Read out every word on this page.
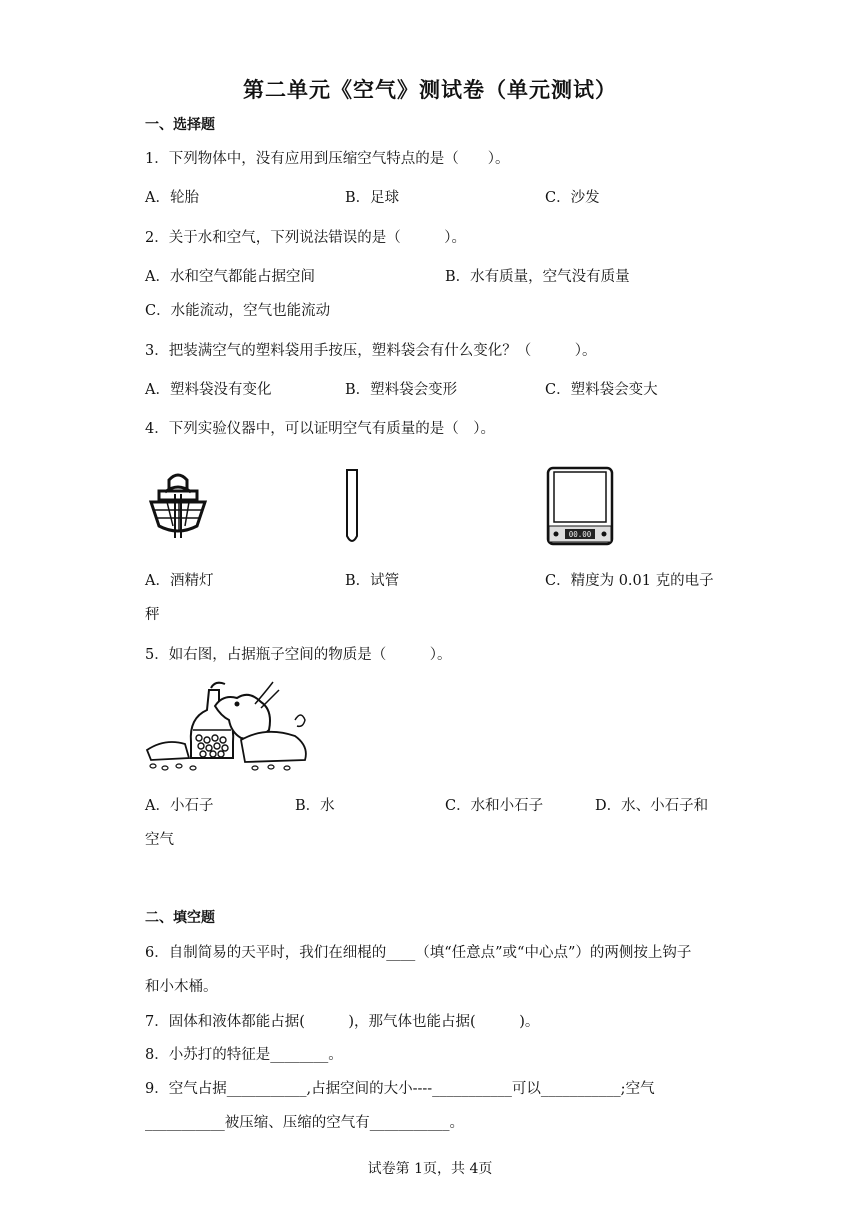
第二单元《空气》测试卷（单元测试）
一、选择题
1．下列物体中，没有应用到压缩空气特点的是（　　）。
A．轮胎	B．足球	C．沙发
2．关于水和空气，下列说法错误的是（　　　）。
A．水和空气都能占据空间	B．水有质量，空气没有质量
C．水能流动，空气也能流动
3．把装满空气的塑料袋用手按压，塑料袋会有什么变化？（　　　）。
A．塑料袋没有变化	B．塑料袋会变形	C．塑料袋会变大
4．下列实验仪器中，可以证明空气有质量的是（　）。
00.00
A．酒精灯	B．试管	C．精度为 0.01 克的电子
秤
5．如右图，占据瓶子空间的物质是（　　　）。
A．小石子	B．水	C．水和小石子	D．水、小石子和
空气
二、填空题
6．自制简易的天平时，我们在细棍的____（填“任意点”或“中心点”）的两侧按上钩子
和小木桶。
7．固体和液体都能占据(　　　)，那气体也能占据(　　　)。
8．小苏打的特征是________。
9．空气占据___________,占据空间的大小----___________可以___________;空气
___________被压缩、压缩的空气有___________。
试卷第 1页，共 4页
